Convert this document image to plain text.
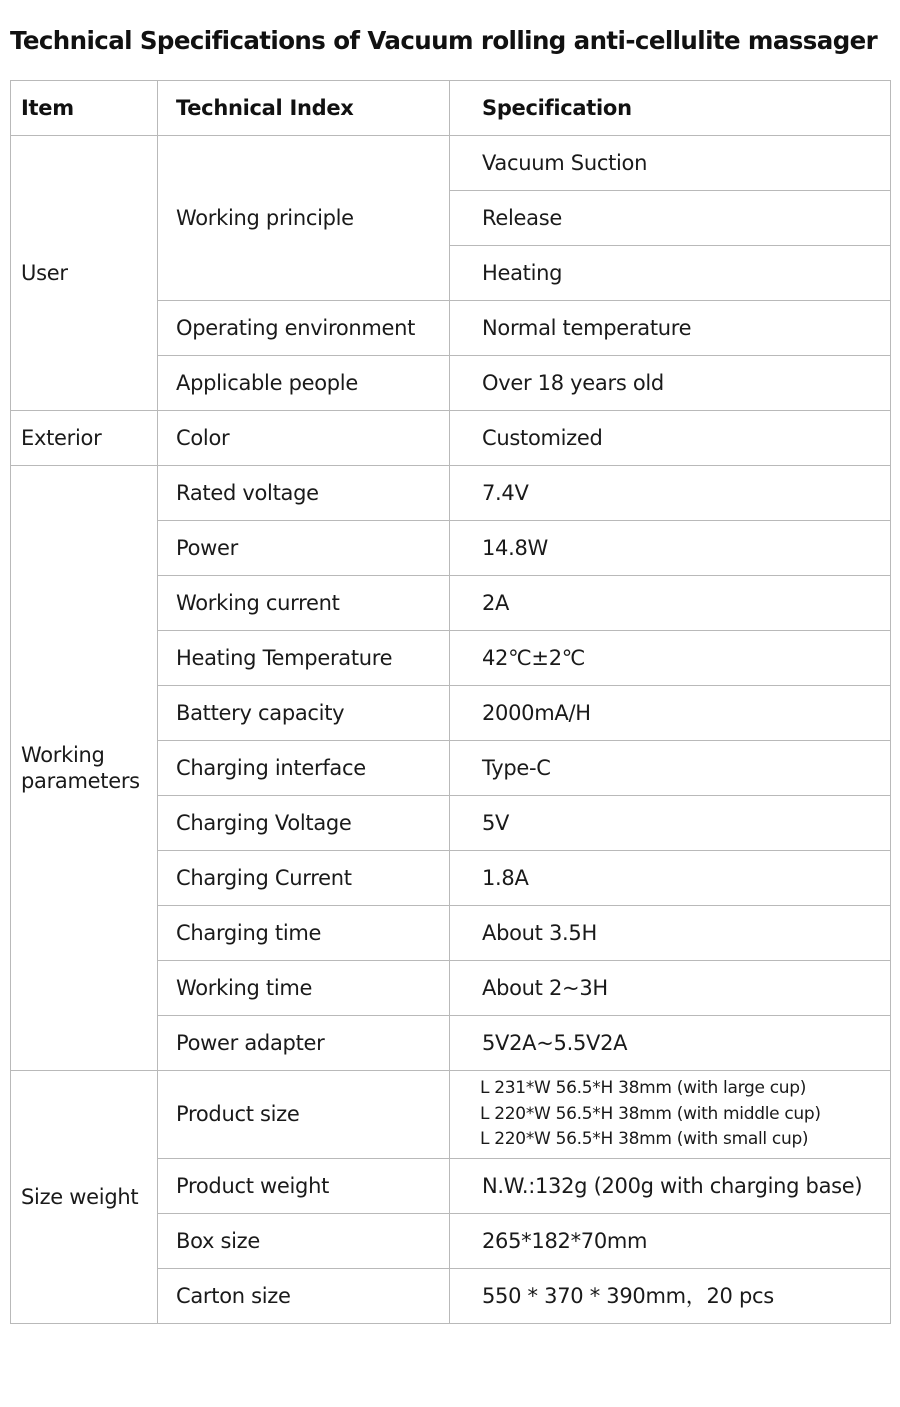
Technical Specifications of Vacuum rolling anti-cellulite massager
Item	Technical Index	Specification
User	Working principle	Vacuum Suction
		Release
		Heating
	Operating environment	Normal temperature
	Applicable people	Over 18 years old
Exterior	Color	Customized
Working parameters	Rated voltage	7.4V
	Power	14.8W
	Working current	2A
	Heating Temperature	42℃±2℃
	Battery capacity	2000mA/H
	Charging interface	Type-C
	Charging Voltage	5V
	Charging Current	1.8A
	Charging time	About 3.5H
	Working time	About 2~3H
	Power adapter	5V2A~5.5V2A
Size weight	Product size	L 231*W 56.5*H 38mm (with large cup)
L 220*W 56.5*H 38mm (with middle cup)
L 220*W 56.5*H 38mm (with small cup)

	Product weight	N.W.:132g (200g with charging base)
	Box size	265*182*70mm
	Carton size	550 * 370 * 390mm，20 pcs
